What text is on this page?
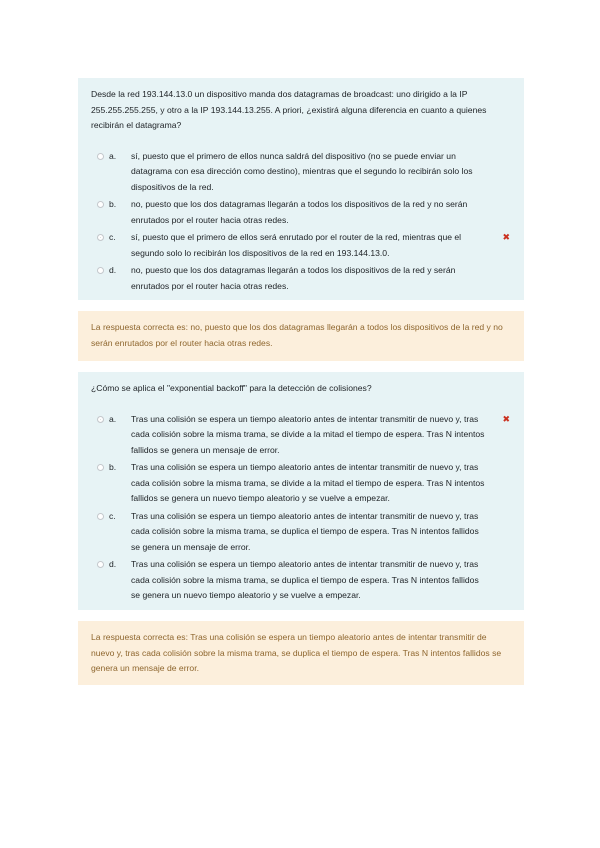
Desde la red 193.144.13.0 un dispositivo manda dos datagramas de broadcast: uno dirigido a la IP 255.255.255.255, y otro a la IP 193.144.13.255. A priori, ¿existirá alguna diferencia en cuanto a quienes recibirán el datagrama?
a.	sí, puesto que el primero de ellos nunca saldrá del dispositivo (no se puede enviar un datagrama con esa dirección como destino), mientras que el segundo lo recibirán solo los dispositivos de la red.
b.	no, puesto que los dos datagramas llegarán a todos los dispositivos de la red y no serán enrutados por el router hacia otras redes.
c.	sí, puesto que el primero de ellos será enrutado por el router de la red, mientras que el segundo solo lo recibirán los dispositivos de la red en 193.144.13.0.
✖
d.	no, puesto que los dos datagramas llegarán a todos los dispositivos de la red y serán enrutados por el router hacia otras redes.
La respuesta correcta es: no, puesto que los dos datagramas llegarán a todos los dispositivos de la red y no serán enrutados por el router hacia otras redes.
¿Cómo se aplica el "exponential backoff" para la detección de colisiones?
a.	Tras una colisión se espera un tiempo aleatorio antes de intentar transmitir de nuevo y, tras cada colisión sobre la misma trama, se divide a la mitad el tiempo de espera. Tras N intentos fallidos se genera un mensaje de error.
✖
b.	Tras una colisión se espera un tiempo aleatorio antes de intentar transmitir de nuevo y, tras cada colisión sobre la misma trama, se divide a la mitad el tiempo de espera. Tras N intentos fallidos se genera un nuevo tiempo aleatorio y se vuelve a empezar.
c.	Tras una colisión se espera un tiempo aleatorio antes de intentar transmitir de nuevo y, tras cada colisión sobre la misma trama, se duplica el tiempo de espera. Tras N intentos fallidos se genera un mensaje de error.
d.	Tras una colisión se espera un tiempo aleatorio antes de intentar transmitir de nuevo y, tras cada colisión sobre la misma trama, se duplica el tiempo de espera. Tras N intentos fallidos se genera un nuevo tiempo aleatorio y se vuelve a empezar.
La respuesta correcta es: Tras una colisión se espera un tiempo aleatorio antes de intentar transmitir de nuevo y, tras cada colisión sobre la misma trama, se duplica el tiempo de espera. Tras N intentos fallidos se genera un mensaje de error.
